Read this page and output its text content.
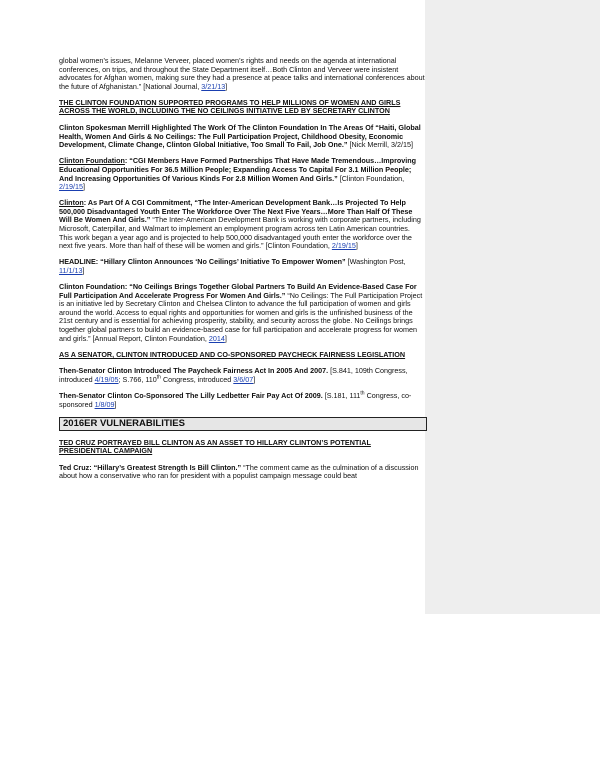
global women’s issues, Melanne Verveer, placed women’s rights and needs on the agenda at international conferences, on trips, and throughout the State Department itself…Both Clinton and Verveer were insistent advocates for Afghan women, making sure they had a presence at peace talks and international conferences about the future of Afghanistan.” [National Journal, 3/21/13]

THE CLINTON FOUNDATION SUPPORTED PROGRAMS TO HELP MILLIONS OF WOMEN AND GIRLS ACROSS THE WORLD, INCLUDING THE NO CEILINGS INITIATIVE LED BY SECRETARY CLINTON

Clinton Spokesman Merrill Highlighted The Work Of The Clinton Foundation In The Areas Of “Haiti, Global Health, Women And Girls & No Ceilings: The Full Participation Project, Childhood Obesity, Economic Development, Climate Change, Clinton Global Initiative, Too Small To Fail, Job One.” [Nick Merrill, 3/2/15]

Clinton Foundation: “CGI Members Have Formed Partnerships That Have Made Tremendous…Improving Educational Opportunities For 36.5 Million People; Expanding Access To Capital For 3.1 Million People; And Increasing Opportunities Of Various Kinds For 2.8 Million Women And Girls.” [Clinton Foundation, 2/19/15]

Clinton: As Part Of A CGI Commitment, “The Inter-American Development Bank…Is Projected To Help 500,000 Disadvantaged Youth Enter The Workforce Over The Next Five Years…More Than Half Of These Will Be Women And Girls.” “The Inter-American Development Bank is working with corporate partners, including Microsoft, Caterpillar, and Walmart to implement an employment program across ten Latin American countries. This work began a year ago and is projected to help 500,000 disadvantaged youth enter the workforce over the next five years. More than half of these will be women and girls.” [Clinton Foundation, 2/19/15]

HEADLINE: “Hillary Clinton Announces ‘No Ceilings’ Initiative To Empower Women” [Washington Post, 11/1/13]

Clinton Foundation: “No Ceilings Brings Together Global Partners To Build An Evidence-Based Case For Full Participation And Accelerate Progress For Women And Girls.” “No Ceilings: The Full Participation Project is an initiative led by Secretary Clinton and Chelsea Clinton to advance the full participation of women and girls around the world. Access to equal rights and opportunities for women and girls is the unfinished business of the 21st century and is essential for achieving prosperity, stability, and security across the globe. No Ceilings brings together global partners to build an evidence-based case for full participation and accelerate progress for women and girls.” [Annual Report, Clinton Foundation, 2014]

AS A SENATOR, CLINTON INTRODUCED AND CO-SPONSORED PAYCHECK FAIRNESS LEGISLATION

Then-Senator Clinton Introduced The Paycheck Fairness Act In 2005 And 2007. [S.841, 109th Congress, introduced 4/19/05; S.766, 110th Congress, introduced 3/6/07]

Then-Senator Clinton Co-Sponsored The Lilly Ledbetter Fair Pay Act Of 2009. [S.181, 111th Congress, co-sponsored 1/8/09]

2016ER VULNERABILITIES

TED CRUZ PORTRAYED BILL CLINTON AS AN ASSET TO HILLARY CLINTON’S POTENTIAL PRESIDENTIAL CAMPAIGN

Ted Cruz: “Hillary’s Greatest Strength Is Bill Clinton.” “The comment came as the culmination of a discussion about how a conservative who ran for president with a populist campaign message could beat
